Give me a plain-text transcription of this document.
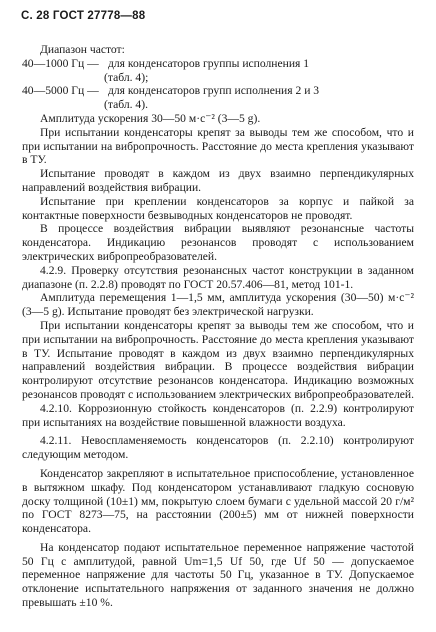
С. 28 ГОСТ 27778—88

Диапазон частот:

40—1000 Гц — для конденсаторов группы исполнения 1
(табл. 4);
40—5000 Гц — для конденсаторов групп исполнения 2 и 3
(табл. 4).

Амплитуда ускорения 30—50 м·с⁻² (3—5 g).

При испытании конденсаторы крепят за выводы тем же способом, что и при испытании на вибропрочность. Расстояние до места крепления указывают в ТУ.

Испытание проводят в каждом из двух взаимно перпендикулярных направлений воздействия вибрации.

Испытание при креплении конденсаторов за корпус и пайкой за контактные поверхности безвыводных конденсаторов не проводят.

В процессе воздействия вибрации выявляют резонансные частоты конденсатора. Индикацию резонансов проводят с использованием электрических вибропреобразователей.

4.2.9. Проверку отсутствия резонансных частот конструкции в заданном диапазоне (п. 2.2.8) проводят по ГОСТ 20.57.406—81, метод 101-1.

Амплитуда перемещения 1—1,5 мм, амплитуда ускорения (30—50) м·с⁻² (3—5 g). Испытание проводят без электрической нагрузки.

При испытании конденсаторы крепят за выводы тем же способом, что и при испытании на вибропрочность. Расстояние до места крепления указывают в ТУ. Испытание проводят в каждом из двух взаимно перпендикулярных направлений воздействия вибрации. В процессе воздействия вибрации контролируют отсутствие резонансов конденсатора. Индикацию возможных резонансов проводят с использованием электрических вибропреобразователей.

4.2.10. Коррозионную стойкость конденсаторов (п. 2.2.9) контролируют при испытаниях на воздействие повышенной влажности воздуха.

4.2.11. Невоспламеняемость конденсаторов (п. 2.2.10) контролируют следующим методом.

Конденсатор закрепляют в испытательное приспособление, установленное в вытяжном шкафу. Под конденсатором устанавливают гладкую сосновую доску толщиной (10±1) мм, покрытую слоем бумаги с удельной массой 20 г/м² по ГОСТ 8273—75, на расстоянии (200±5) мм от нижней поверхности конденсатора.

На конденсатор подают испытательное переменное напряжение частотой 50 Гц с амплитудой, равной Um=1,5 Uf 50, где Uf 50 — допускаемое переменное напряжение для частоты 50 Гц, указанное в ТУ. Допускаемое отклонение испытательного напряжения от заданного значения не должно превышать ±10 %.
